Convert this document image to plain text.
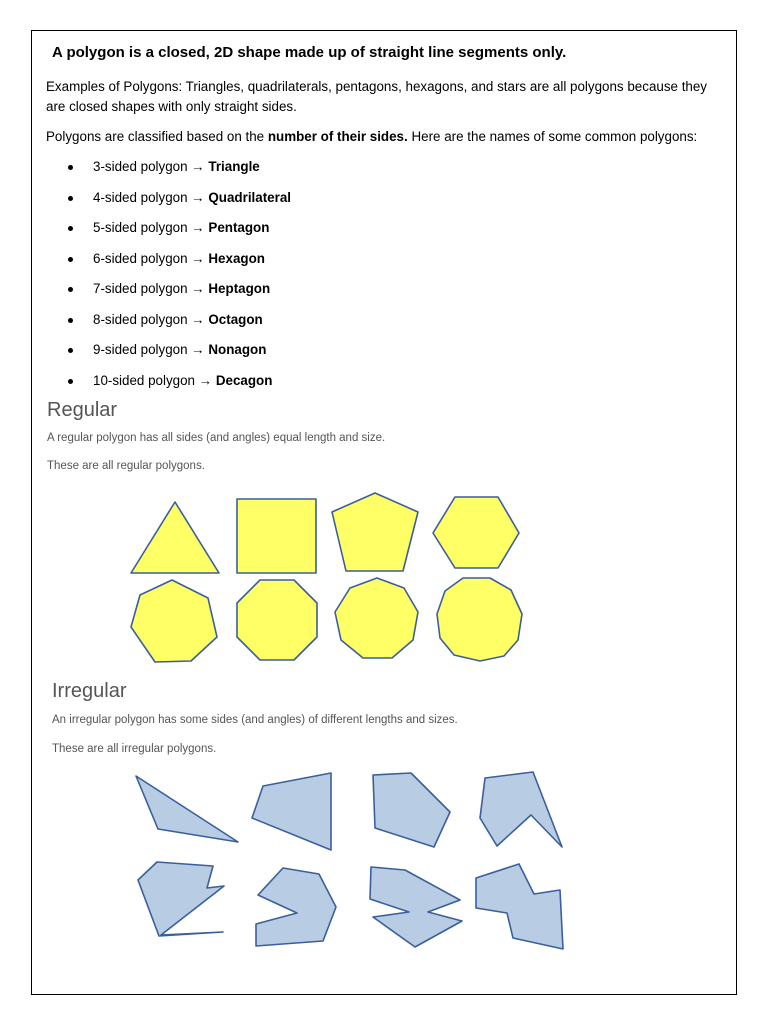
A polygon is a closed, 2D shape made up of straight line segments only.

Examples of Polygons: Triangles, quadrilaterals, pentagons, hexagons, and stars are all polygons because they are closed shapes with only straight sides.

Polygons are classified based on the number of their sides. Here are the names of some common polygons:

3-sided polygon → Triangle
4-sided polygon → Quadrilateral
5-sided polygon → Pentagon
6-sided polygon → Hexagon
7-sided polygon → Heptagon
8-sided polygon → Octagon
9-sided polygon → Nonagon
10-sided polygon → Decagon
Regular

A regular polygon has all sides (and angles) equal length and size.

These are all regular polygons.

Irregular

An irregular polygon has some sides (and angles) of different lengths and sizes.

These are all irregular polygons.
